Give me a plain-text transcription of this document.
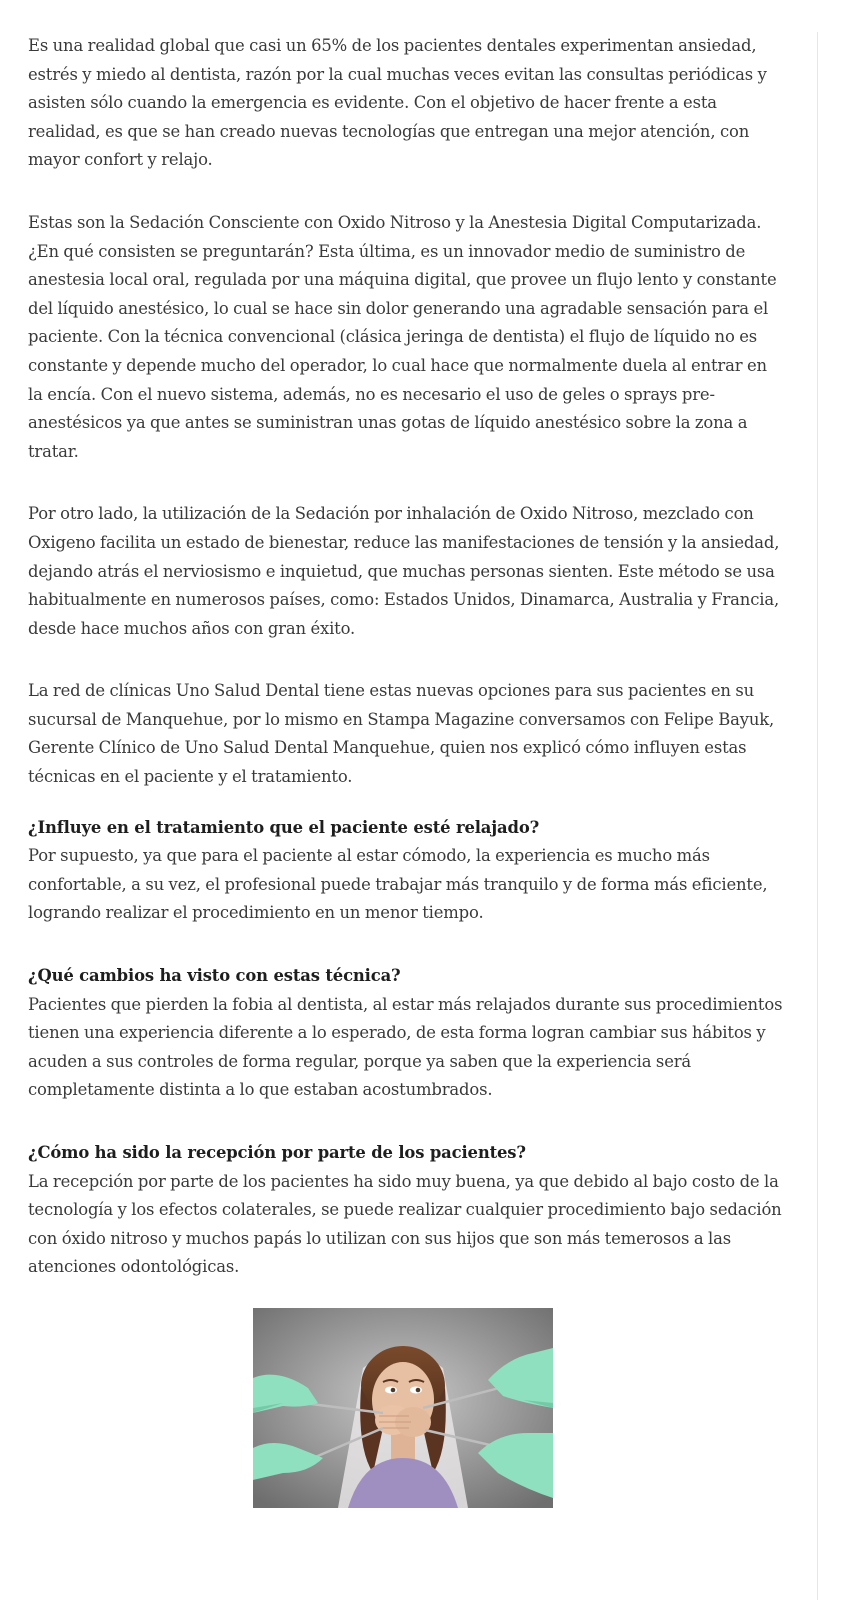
Es una realidad global que casi un 65% de los pacientes dentales experimentan ansiedad, estrés y miedo al dentista, razón por la cual muchas veces evitan las consultas periódicas y asisten sólo cuando la emergencia es evidente. Con el objetivo de hacer frente a esta realidad, es que se han creado nuevas tecnologías que entregan una mejor atención, con mayor confort y relajo.

Estas son la Sedación Consciente con Oxido Nitroso y la Anestesia Digital Computarizada. ¿En qué consisten se preguntarán? Esta última, es un innovador medio de suministro de anestesia local oral, regulada por una máquina digital, que provee un flujo lento y constante del líquido anestésico, lo cual se hace sin dolor generando una agradable sensación para el paciente. Con la técnica convencional (clásica jeringa de dentista) el flujo de líquido no es constante y depende mucho del operador, lo cual hace que normalmente duela al entrar en la encía. Con el nuevo sistema, además, no es necesario el uso de geles o sprays pre-anestésicos ya que antes se suministran unas gotas de líquido anestésico sobre la zona a tratar.

Por otro lado, la utilización de la Sedación por inhalación de Oxido Nitroso, mezclado con Oxigeno facilita un estado de bienestar, reduce las manifestaciones de tensión y la ansiedad, dejando atrás el nerviosismo e inquietud, que muchas personas sienten. Este método se usa habitualmente en numerosos países, como: Estados Unidos, Dinamarca, Australia y Francia, desde hace muchos años con gran éxito.

La red de clínicas Uno Salud Dental tiene estas nuevas opciones para sus pacientes en su sucursal de Manquehue, por lo mismo en Stampa Magazine conversamos con Felipe Bayuk, Gerente Clínico de Uno Salud Dental Manquehue, quien nos explicó cómo influyen estas técnicas en el paciente y el tratamiento.

¿Influye en el tratamiento que el paciente esté relajado?

Por supuesto, ya que para el paciente al estar cómodo, la experiencia es mucho más confortable, a su vez, el profesional puede trabajar más tranquilo y de forma más eficiente, logrando realizar el procedimiento en un menor tiempo.

¿Qué cambios ha visto con estas técnica?

Pacientes que pierden la fobia al dentista, al estar más relajados durante sus procedimientos tienen una experiencia diferente a lo esperado, de esta forma logran cambiar sus hábitos y acuden a sus controles de forma regular, porque ya saben que la experiencia será completamente distinta a lo que estaban acostumbrados.

¿Cómo ha sido la recepción por parte de los pacientes?

La recepción por parte de los pacientes ha sido muy buena, ya que debido al bajo costo de la tecnología y los efectos colaterales, se puede realizar cualquier procedimiento bajo sedación con óxido nitroso y muchos papás lo utilizan con sus hijos que son más temerosos a las atenciones odontológicas.
